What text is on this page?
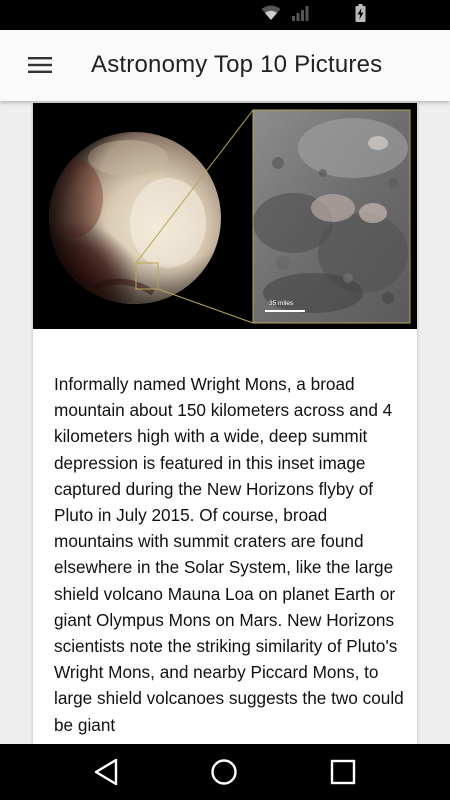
Astronomy Top 10 Pictures
35 miles

Informally named Wright Mons, a broad mountain about 150 kilometers across and 4 kilometers high with a wide, deep summit depression is featured in this inset image captured during the New Horizons flyby of Pluto in July 2015. Of course, broad mountains with summit craters are found elsewhere in the Solar System, like the large shield volcano Mauna Loa on planet Earth or giant Olympus Mons on Mars. New Horizons scientists note the striking similarity of Pluto's Wright Mons, and nearby Piccard Mons, to large shield volcanoes suggests the two could be giant
